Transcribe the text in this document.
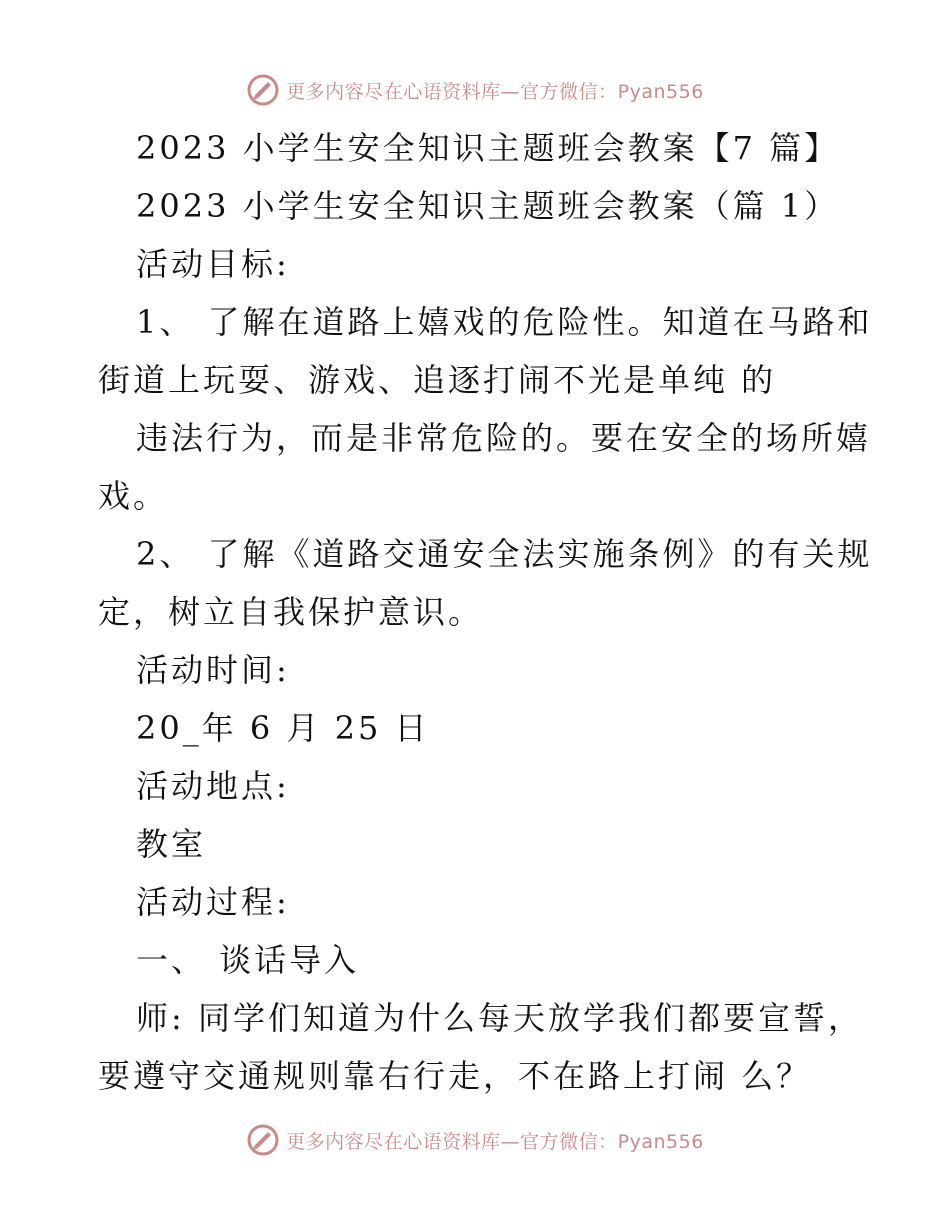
更多内容尽在心语资料库—官方微信：Pyan556
2023 小学生安全知识主题班会教案【7 篇】
2023 小学生安全知识主题班会教案（篇 1）
活动目标:
1、 了解在道路上嬉戏的危险性。知道在马路和
街道上玩耍、游戏、追逐打闹不光是单纯 的
违法行为，而是非常危险的。要在安全的场所嬉
戏。
2、 了解《道路交通安全法实施条例》的有关规
定，树立自我保护意识。
活动时间:
20_年 6 月 25 日
活动地点:
教室
活动过程:
一、 谈话导入
师: 同学们知道为什么每天放学我们都要宣誓，
要遵守交通规则靠右行走，不在路上打闹 么？
更多内容尽在心语资料库—官方微信：Pyan556
